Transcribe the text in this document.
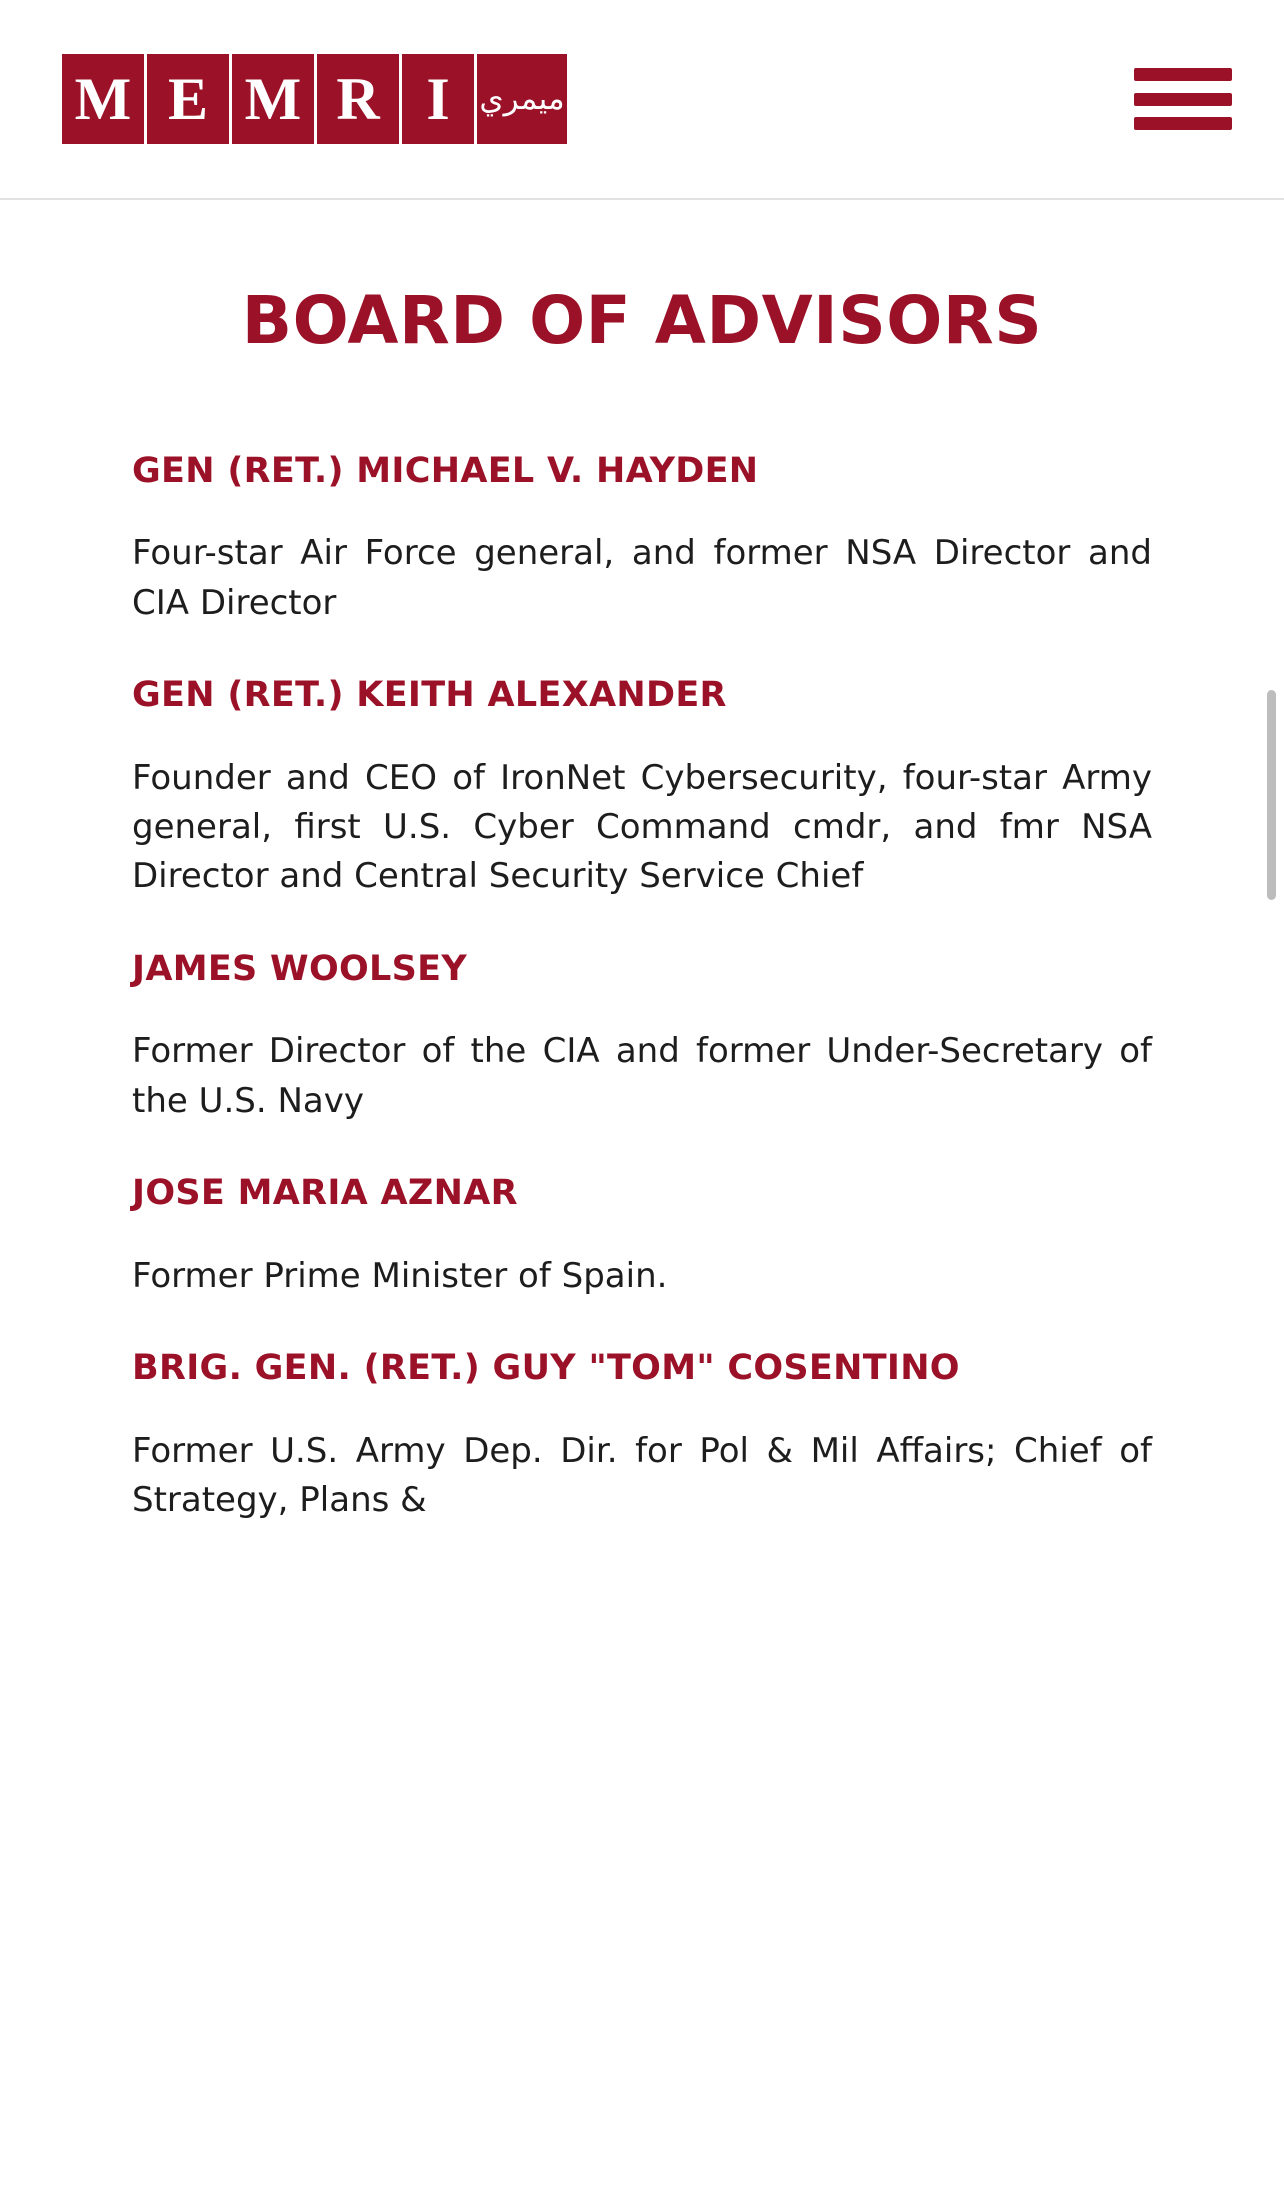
M E M R I ميمري
BOARD OF ADVISORS
GEN (RET.) MICHAEL V. HAYDEN

Four-star Air Force general, and former NSA Director and CIA Director

GEN (RET.) KEITH ALEXANDER

Founder and CEO of IronNet Cybersecurity, four-star Army general, first U.S. Cyber Command cmdr, and fmr NSA Director and Central Security Service Chief

JAMES WOOLSEY

Former Director of the CIA and former Under-Secretary of the U.S. Navy

JOSE MARIA AZNAR

Former Prime Minister of Spain.

BRIG. GEN. (RET.) GUY "TOM" COSENTINO

Former U.S. Army Dep. Dir. for Pol & Mil Affairs; Chief of Strategy, Plans &
